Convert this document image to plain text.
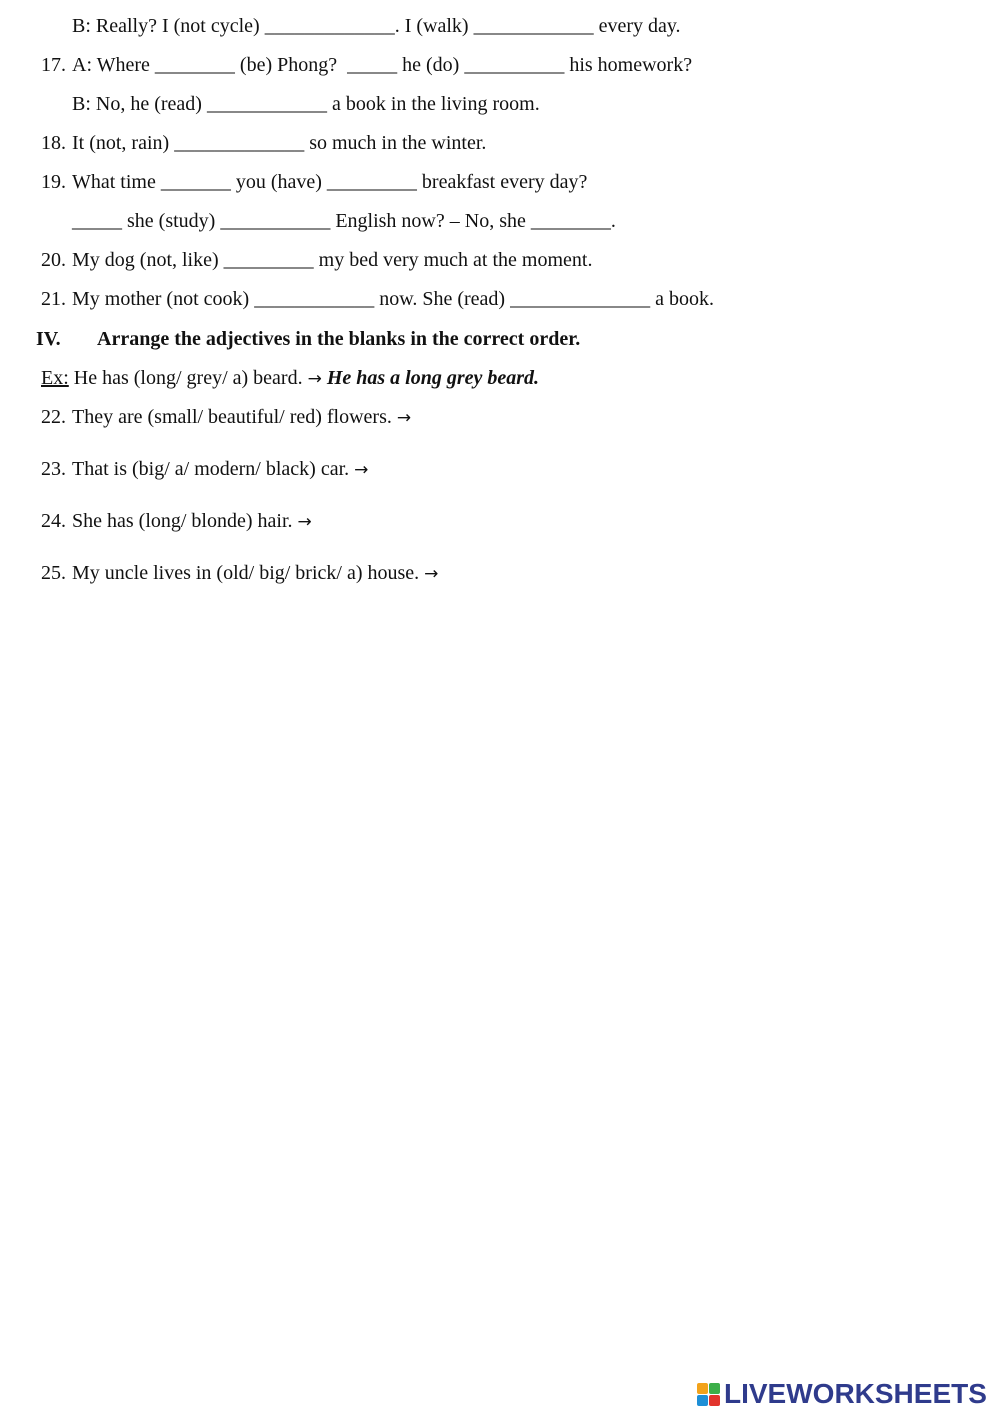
B: Really? I (not cycle) _____________. I (walk) ____________ every day.
17. A: Where ________ (be) Phong?  _____ he (do) __________ his homework?
B: No, he (read) ____________ a book in the living room.
18. It (not, rain) _____________ so much in the winter.
19. What time _______ you (have) _________ breakfast every day?
_____ she (study) ___________ English now? – No, she ________.
20. My dog (not, like) _________ my bed very much at the moment.
21. My mother (not cook) ____________ now. She (read) ______________ a book.
IV. Arrange the adjectives in the blanks in the correct order.
Ex: He has (long/ grey/ a) beard. → He has a long grey beard.
22. They are (small/ beautiful/ red) flowers. →
23. That is (big/ a/ modern/ black) car. →
24. She has (long/ blonde) hair. →
25. My uncle lives in (old/ big/ brick/ a) house. →
LIVEWORKSHEETS
